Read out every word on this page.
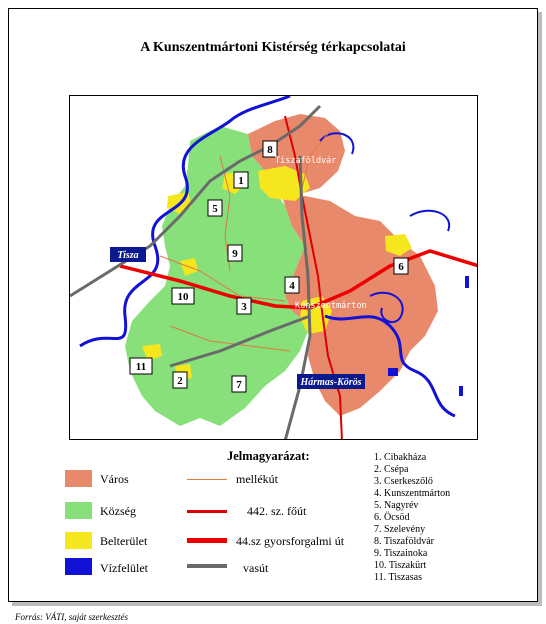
A Kunszentmártoni Kistérség térkapcsolatai
8
1
5
9
4
6
10
3
11
2	7
Tiszaföldvár
Kunszentmárton
Tisza
Hármas-Körös
Jelmagyarázat:
Város
Község
Belterület
Vízfelület
mellékút
442. sz. főút
44.sz gyorsforgalmi út
vasút
1. Cibakháza
2. Csépa
3. Cserkeszőlő
4. Kunszentmárton
5. Nagyrév
6. Öcsöd
7. Szelevény
8. Tiszaföldvár
9. Tiszainoka
10. Tiszakürt
11. Tiszasas
Forrás: VÁTI, saját szerkesztés
